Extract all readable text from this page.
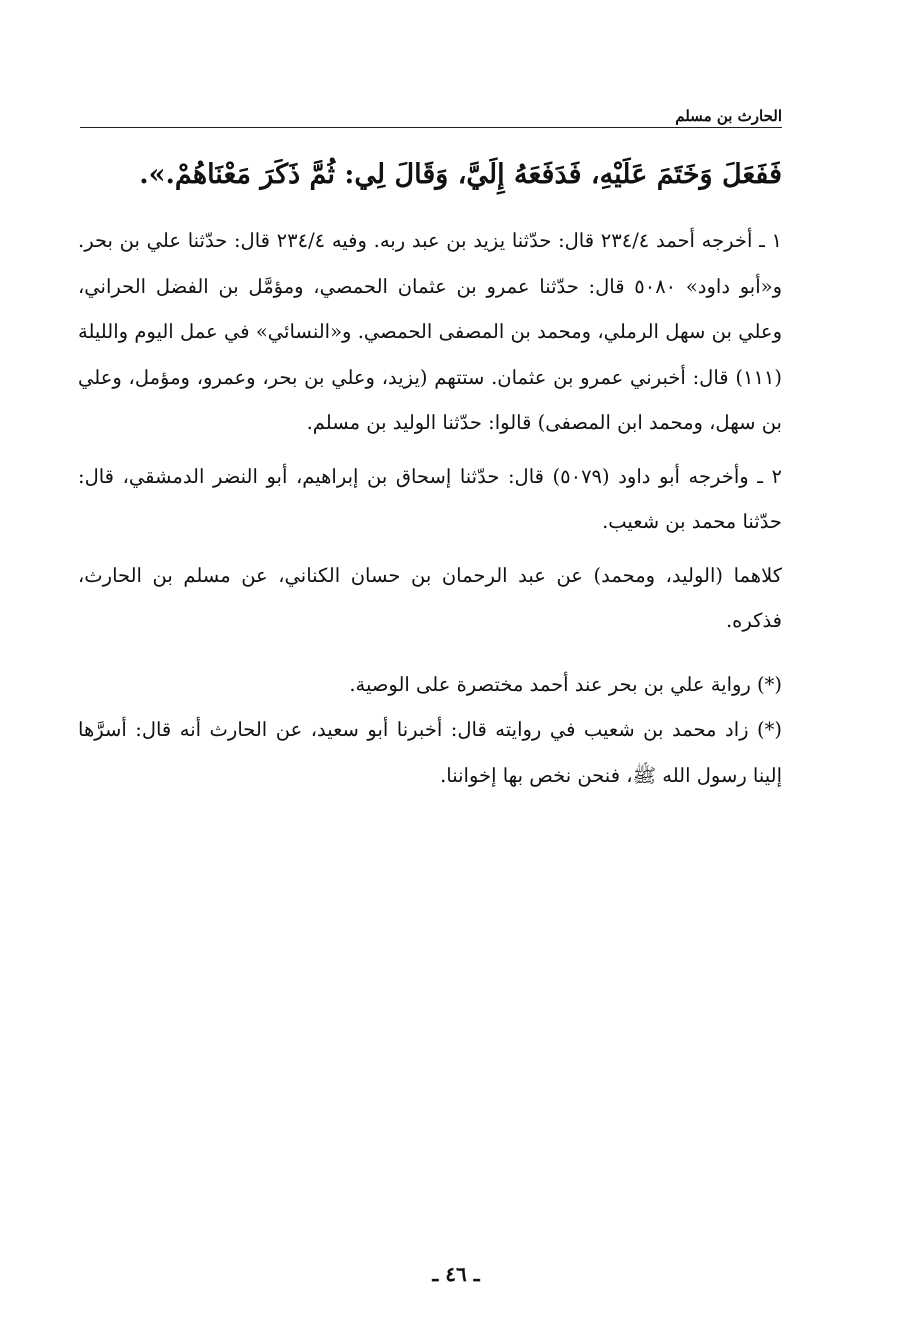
الحارث بن مسلم
فَفَعَلَ وَخَتَمَ عَلَيْهِ، فَدَفَعَهُ إِلَيَّ، وَقَالَ لِي: ثُمَّ ذَكَرَ مَعْنَاهُمْ.».

١ ـ أخرجه أحمد ٢٣٤/٤ قال: حدّثنا يزيد بن عبد ربه. وفيه ٢٣٤/٤ قال: حدّثنا علي بن بحر. و«أبو داود» ٥٠٨٠ قال: حدّثنا عمرو بن عثمان الحمصي، ومؤمَّل بن الفضل الحراني، وعلي بن سهل الرملي، ومحمد بن المصفى الحمصي. و«النسائي» في عمل اليوم والليلة (١١١) قال: أخبرني عمرو بن عثمان. ستتهم (يزيد، وعلي بن بحر، وعمرو، ومؤمل، وعلي بن سهل، ومحمد ابن المصفى) قالوا: حدّثنا الوليد بن مسلم.

٢ ـ وأخرجه أبو داود (٥٠٧٩) قال: حدّثنا إسحاق بن إبراهيم، أبو النضر الدمشقي، قال: حدّثنا محمد بن شعيب.

كلاهما (الوليد، ومحمد) عن عبد الرحمان بن حسان الكناني، عن مسلم بن الحارث، فذكره.

(*) رواية علي بن بحر عند أحمد مختصرة على الوصية.

(*) زاد محمد بن شعيب في روايته قال: أخبرنا أبو سعيد، عن الحارث أنه قال: أسرَّها إلينا رسول الله ﷺ، فنحن نخص بها إخواننا.

ـ ٤٦ ـ
